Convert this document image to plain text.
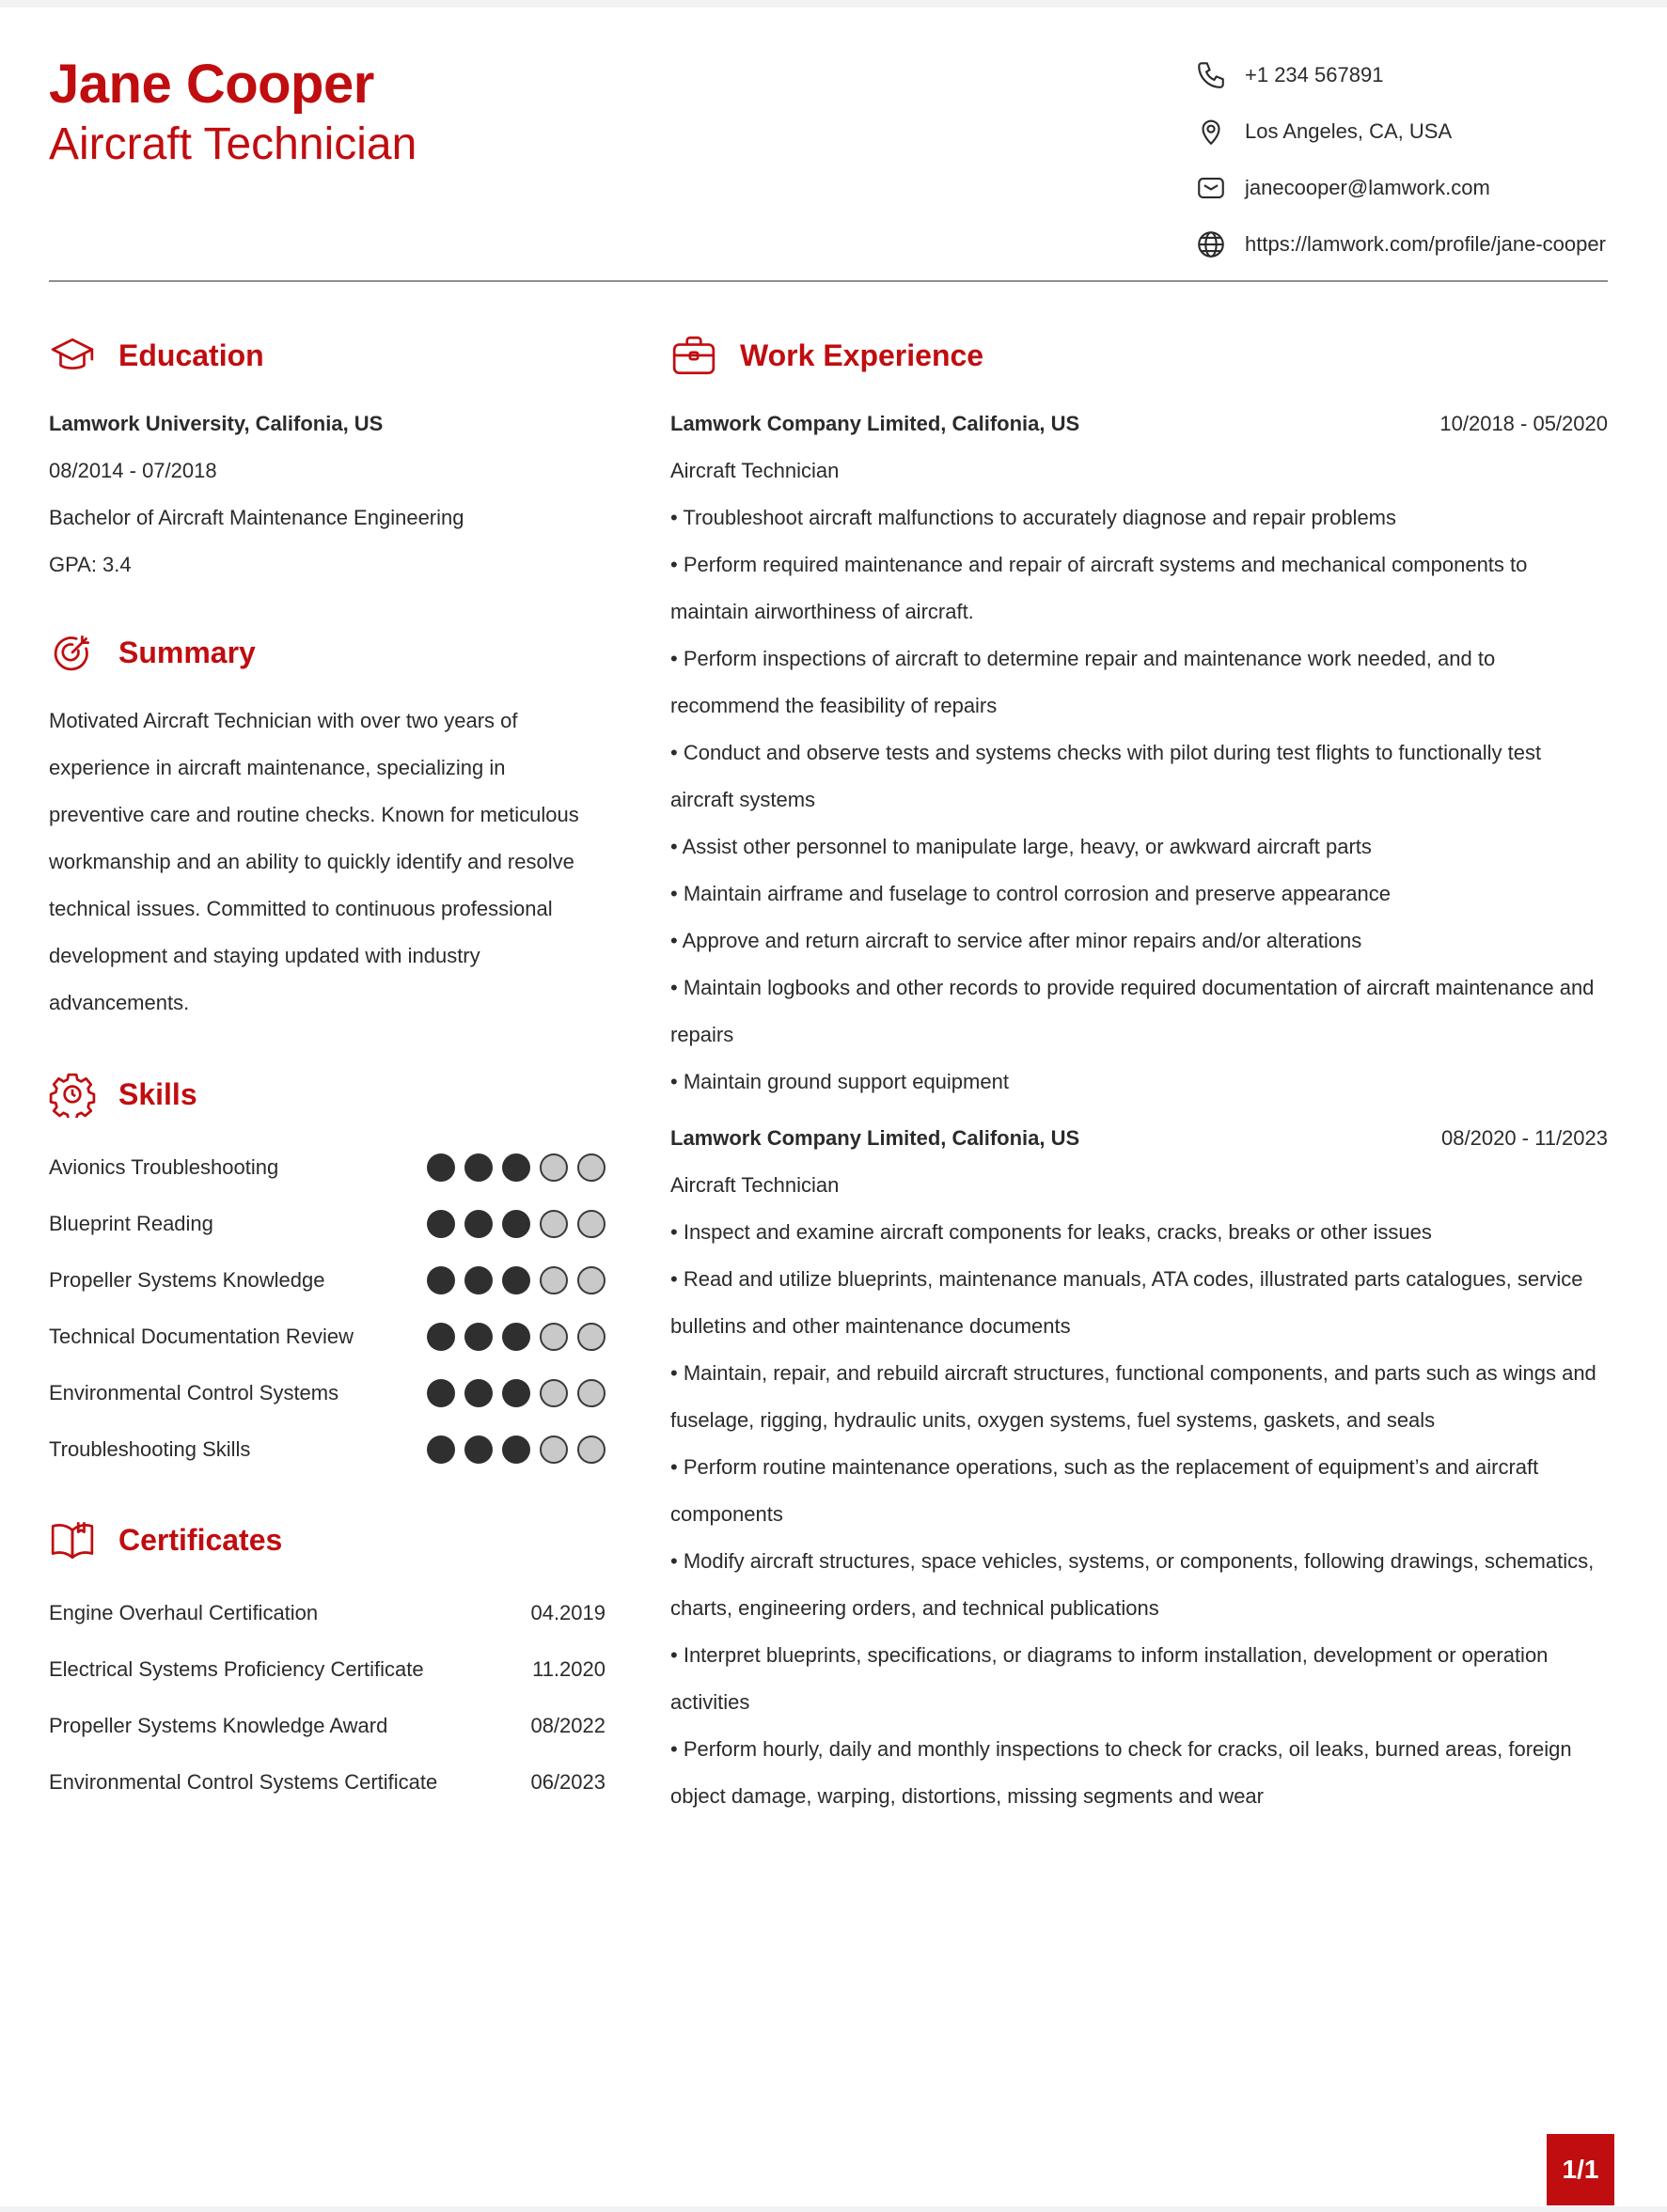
Jane Cooper
Aircraft Technician
+1 234 567891
Los Angeles, CA, USA
janecooper@lamwork.com
https://lamwork.com/profile/jane-cooper
Education
Lamwork University, Califonia, US
08/2014 - 07/2018
Bachelor of Aircraft Maintenance Engineering
GPA: 3.4
Summary
Motivated Aircraft Technician with over two years of experience in aircraft maintenance, specializing in preventive care and routine checks. Known for meticulous workmanship and an ability to quickly identify and resolve technical issues. Committed to continuous professional development and staying updated with industry advancements.
Skills
Avionics Troubleshooting
Blueprint Reading
Propeller Systems Knowledge
Technical Documentation Review
Environmental Control Systems
Troubleshooting Skills
Certificates
Engine Overhaul Certification	04.2019
Electrical Systems Proficiency Certificate	11.2020
Propeller Systems Knowledge Award	08/2022
Environmental Control Systems Certificate	06/2023
Work Experience
Lamwork Company Limited, Califonia, US	10/2018 - 05/2020
Aircraft Technician
• Troubleshoot aircraft malfunctions to accurately diagnose and repair problems
• Perform required maintenance and repair of aircraft systems and mechanical components to maintain airworthiness of aircraft.
• Perform inspections of aircraft to determine repair and maintenance work needed, and to recommend the feasibility of repairs
• Conduct and observe tests and systems checks with pilot during test flights to functionally test aircraft systems
• Assist other personnel to manipulate large, heavy, or awkward aircraft parts
• Maintain airframe and fuselage to control corrosion and preserve appearance
• Approve and return aircraft to service after minor repairs and/or alterations
• Maintain logbooks and other records to provide required documentation of aircraft maintenance and repairs
• Maintain ground support equipment
Lamwork Company Limited, Califonia, US	08/2020 - 11/2023
Aircraft Technician
• Inspect and examine aircraft components for leaks, cracks, breaks or other issues
• Read and utilize blueprints, maintenance manuals, ATA codes, illustrated parts catalogues, service bulletins and other maintenance documents
• Maintain, repair, and rebuild aircraft structures, functional components, and parts such as wings and fuselage, rigging, hydraulic units, oxygen systems, fuel systems, gaskets, and seals
• Perform routine maintenance operations, such as the replacement of equipment’s and aircraft components
• Modify aircraft structures, space vehicles, systems, or components, following drawings, schematics, charts, engineering orders, and technical publications
• Interpret blueprints, specifications, or diagrams to inform installation, development or operation activities
• Perform hourly, daily and monthly inspections to check for cracks, oil leaks, burned areas, foreign object damage, warping, distortions, missing segments and wear
1/1
